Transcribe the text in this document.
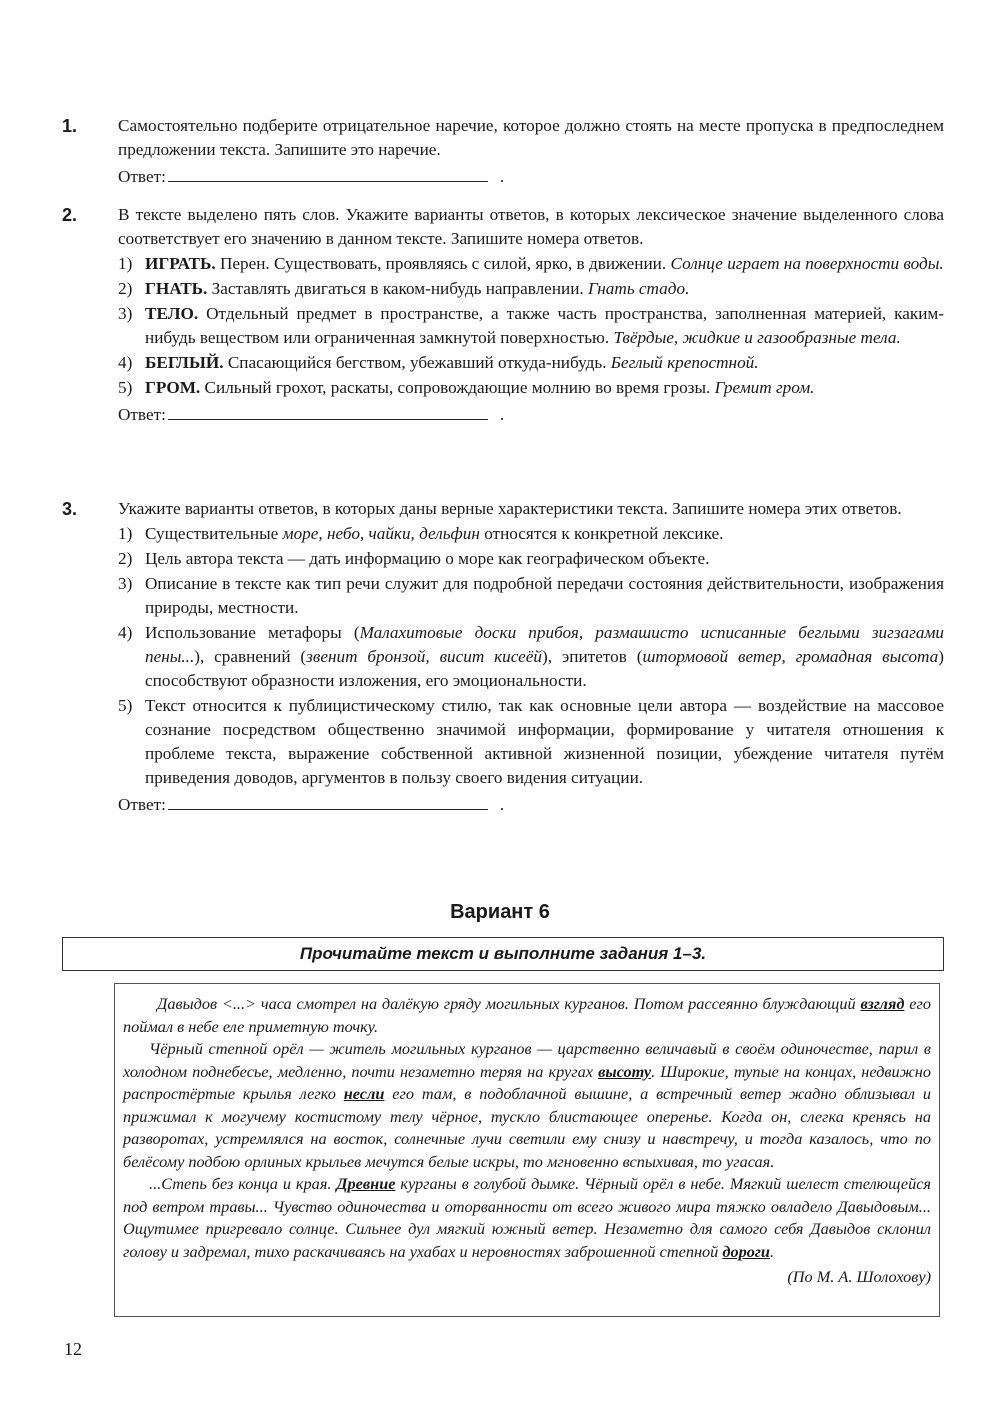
1. Самостоятельно подберите отрицательное наречие, которое должно стоять на месте пропуска в предпоследнем предложении текста. Запишите это наречие.
Ответ:	.
2. В тексте выделено пять слов. Укажите варианты ответов, в которых лексическое значение выделенного слова соответствует его значению в данном тексте. Запишите номера ответов.
1) ИГРАТЬ. Перен. Существовать, проявляясь с силой, ярко, в движении. Солнце играет на поверхности воды.
2) ГНАТЬ. Заставлять двигаться в каком-нибудь направлении. Гнать стадо.
3) ТЕЛО. Отдельный предмет в пространстве, а также часть пространства, заполненная материей, каким-нибудь веществом или ограниченная замкнутой поверхностью. Твёрдые, жидкие и газообразные тела.
4) БЕГЛЫЙ. Спасающийся бегством, убежавший откуда-нибудь. Беглый крепостной.
5) ГРОМ. Сильный грохот, раскаты, сопровождающие молнию во время грозы. Гремит гром.
Ответ:	.
3. Укажите варианты ответов, в которых даны верные характеристики текста. Запишите номера этих ответов.
1) Существительные море, небо, чайки, дельфин относятся к конкретной лексике.
2) Цель автора текста — дать информацию о море как географическом объекте.
3) Описание в тексте как тип речи служит для подробной передачи состояния действительности, изображения природы, местности.
4) Использование метафоры (Малахитовые доски прибоя, размашисто исписанные беглыми зигзагами пены...), сравнений (звенит бронзой, висит кисеёй), эпитетов (штормовой ветер, громадная высота) способствуют образности изложения, его эмоциональности.
5) Текст относится к публицистическому стилю, так как основные цели автора — воздействие на массовое сознание посредством общественно значимой информации, формирование у читателя отношения к проблеме текста, выражение собственной активной жизненной позиции, убеждение читателя путём приведения доводов, аргументов в пользу своего видения ситуации.
Ответ:	.
Вариант 6
Прочитайте текст и выполните задания 1–3.

Давыдов <...> часа смотрел на далёкую гряду могильных курганов. Потом рассеянно блуждающий взгляд его поймал в небе еле приметную точку.

Чёрный степной орёл — житель могильных курганов — царственно величавый в своём одиночестве, парил в холодном поднебесье, медленно, почти незаметно теряя на кругах высоту. Широкие, тупые на концах, недвижно распростёртые крылья легко несли его там, в подоблачной вышине, а встречный ветер жадно облизывал и прижимал к могучему костистому телу чёрное, тускло блистающее оперенье. Когда он, слегка кренясь на разворотах, устремлялся на восток, солнечные лучи светили ему снизу и навстречу, и тогда казалось, что по белёсому подбою орлиных крыльев мечутся белые искры, то мгновенно вспыхивая, то угасая.

...Степь без конца и края. Древние курганы в голубой дымке. Чёрный орёл в небе. Мягкий шелест стелющейся под ветром травы... Чувство одиночества и оторванности от всего живого мира тяжко овладело Давыдовым... Ощутимее пригревало солнце. Сильнее дул мягкий южный ветер. Незаметно для самого себя Давыдов склонил голову и задремал, тихо раскачиваясь на ухабах и неровностях заброшенной степной дороги.

(По М. А. Шолохову)
12
